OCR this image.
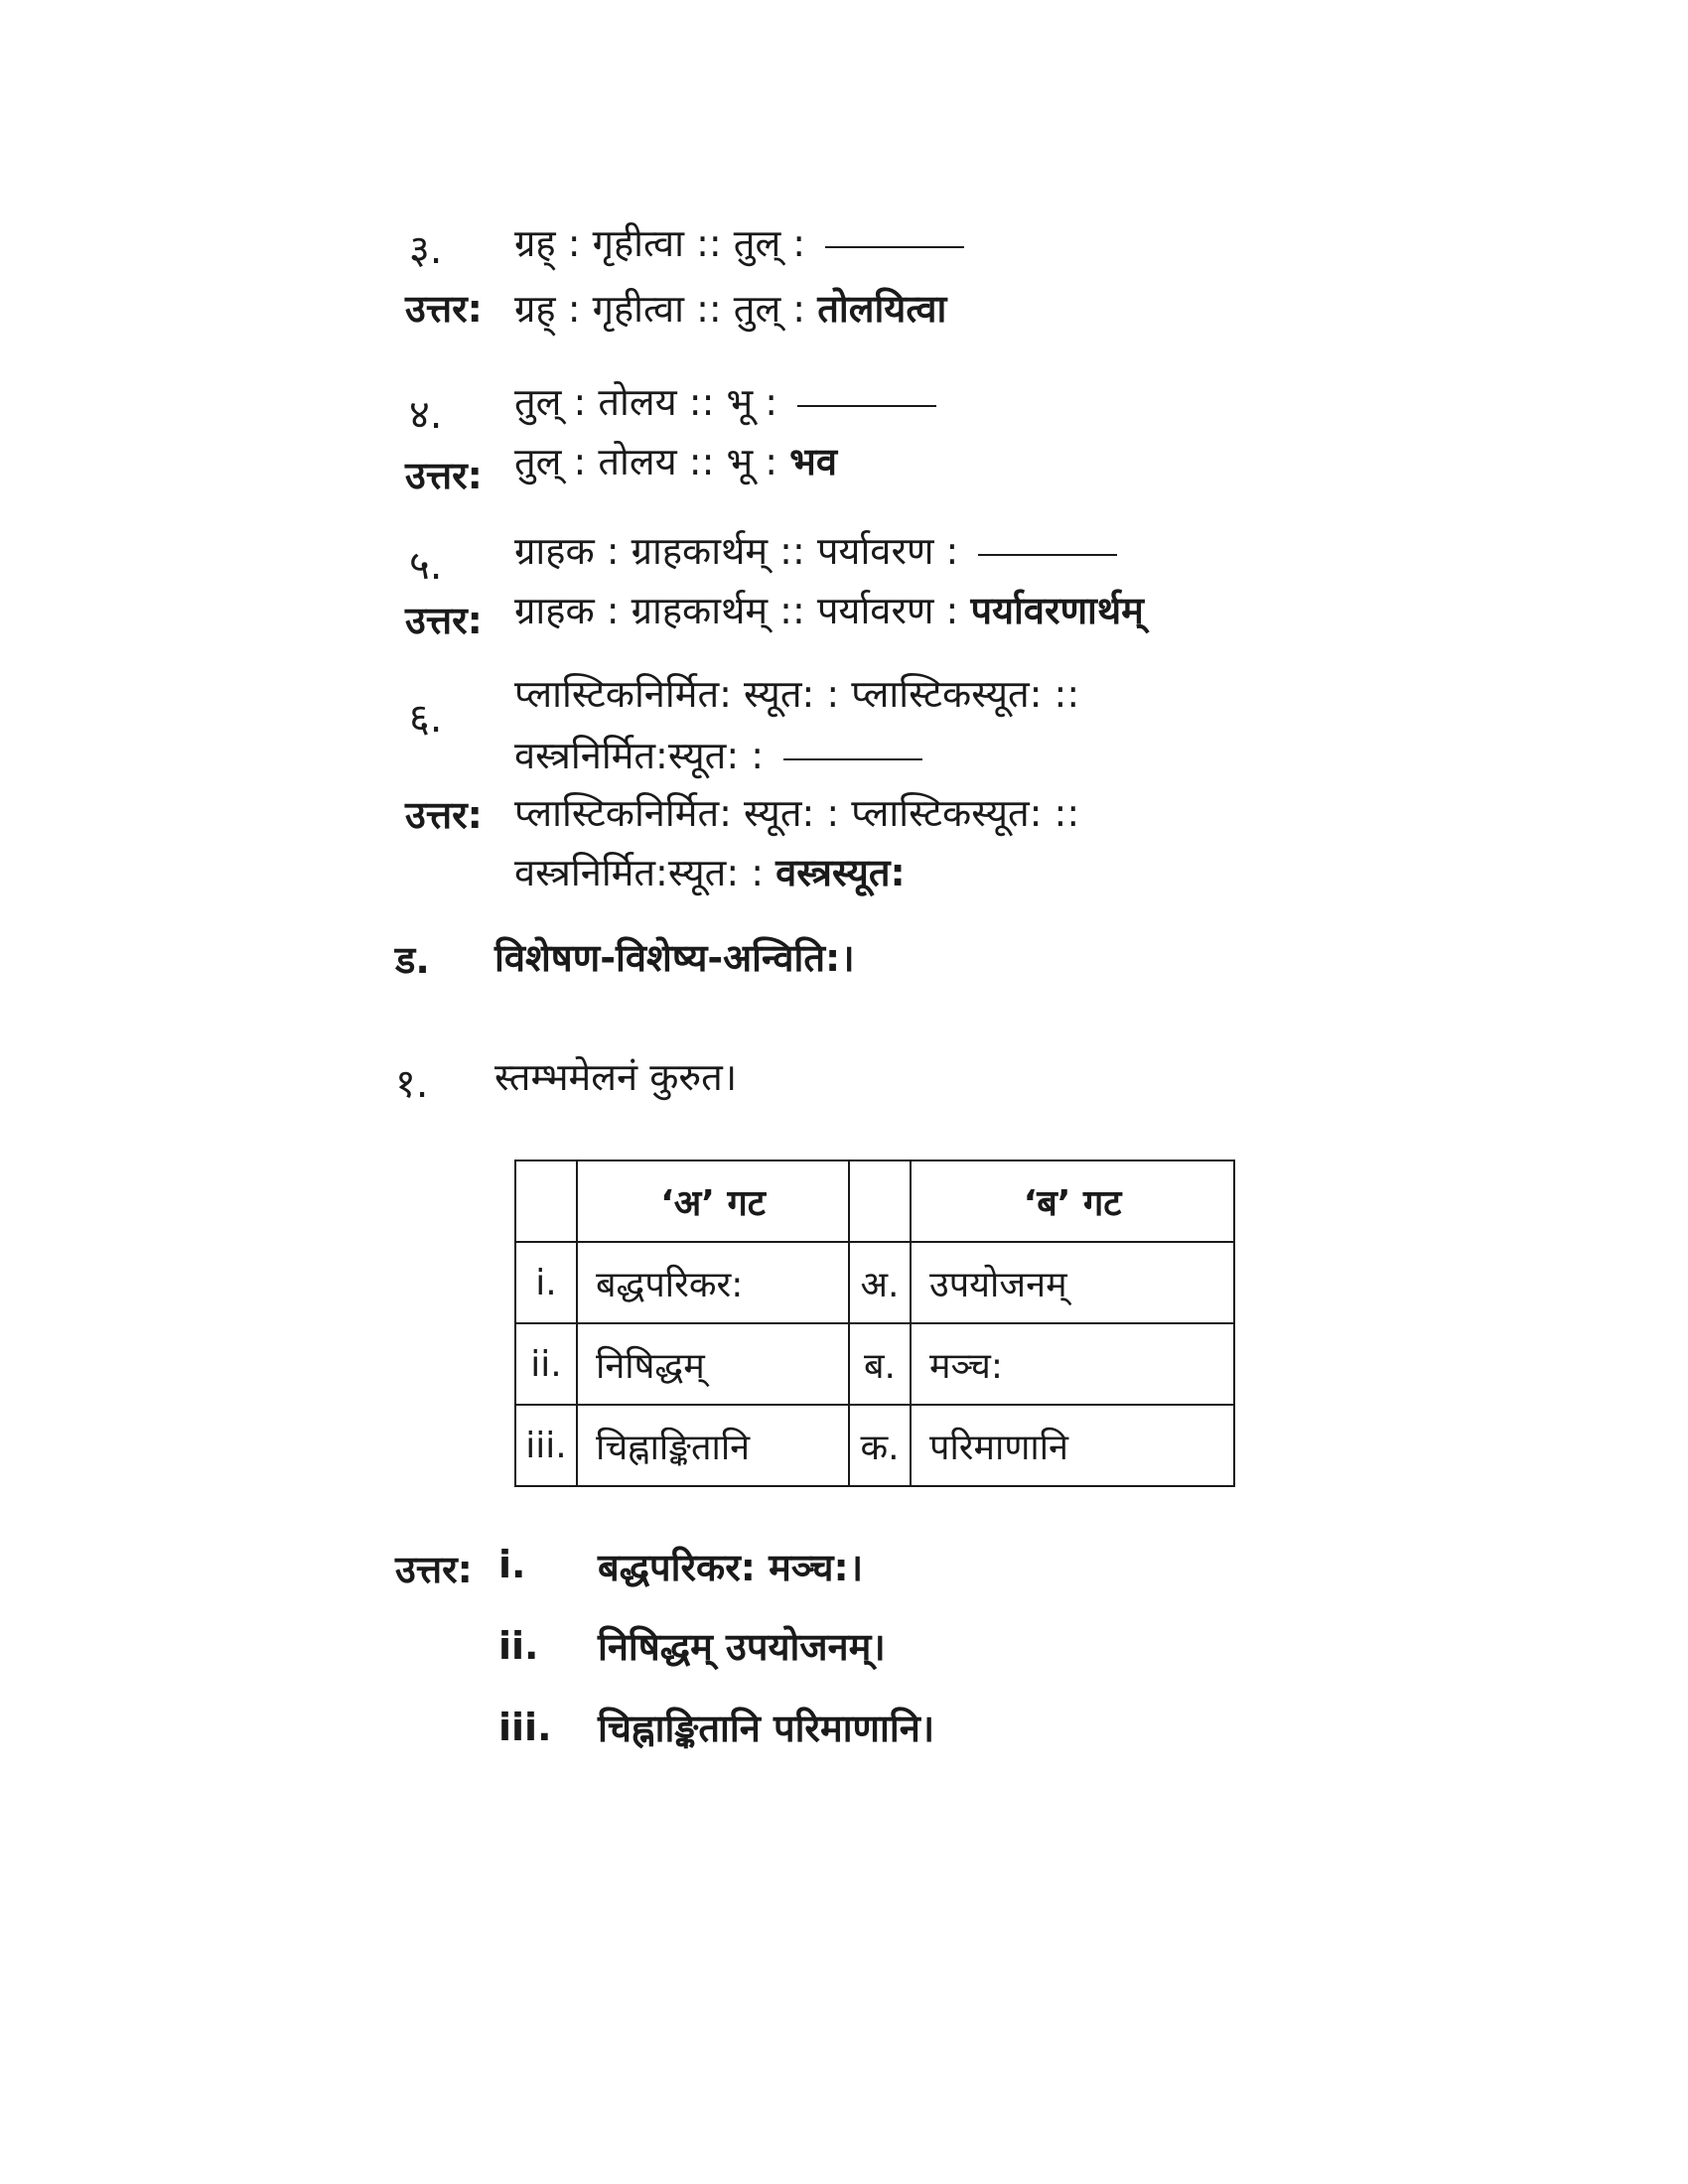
३. ग्रह् : गृहीत्वा :: तुल् :
उत्तर: ग्रह् : गृहीत्वा :: तुल् : तोलयित्वा
४. तुल् : तोलय :: भू :
उत्तर: तुल् : तोलय :: भू : भव
५. ग्राहक : ग्राहकार्थम् :: पर्यावरण :
उत्तर: ग्राहक : ग्राहकार्थम् :: पर्यावरण : पर्यावरणार्थम्
६.
प्लास्टिकनिर्मित: स्यूत: : प्लास्टिकस्यूत: ::
वस्त्रनिर्मित:स्यूत: :
उत्तर: प्लास्टिकनिर्मित: स्यूत: : प्लास्टिकस्यूत: ::
वस्त्रनिर्मित:स्यूत: : वस्त्रस्यूत:
ड. विशेषण-विशेष्य-अन्विति:।
१. स्तम्भमेलनं कुरुत।
	‘अ’ गट		‘ब’ गट
i.	बद्धपरिकर:	अ.	उपयोजनम्
ii.	निषिद्धम्	ब.	मञ्च:
iii.	चिह्नाङ्कितानि	क.	परिमाणानि
उत्तर: i. बद्धपरिकर: मञ्च:।
ii. निषिद्धम् उपयोजनम्।
iii. चिह्नाङ्कितानि परिमाणानि।
